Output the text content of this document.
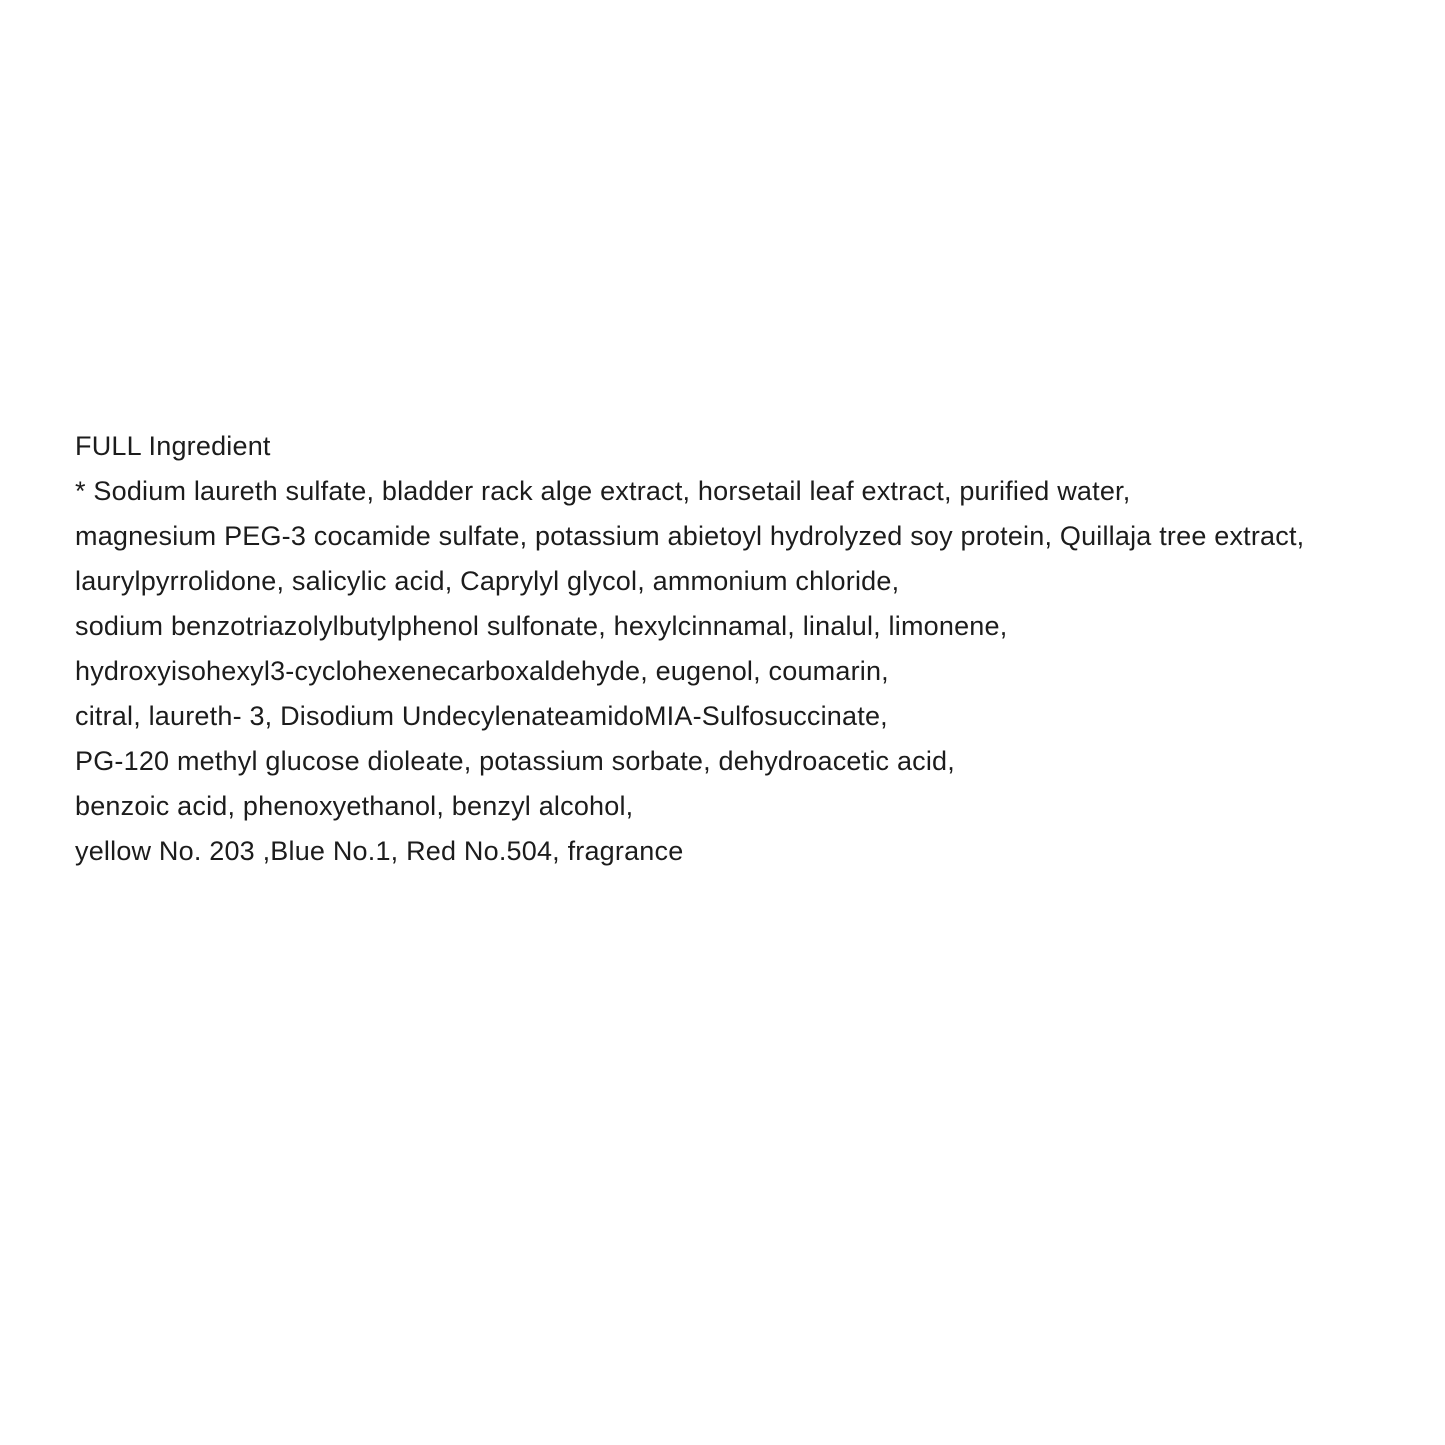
FULL Ingredient
* Sodium laureth sulfate, bladder rack alge extract, horsetail leaf extract, purified water,
magnesium PEG-3 cocamide sulfate, potassium abietoyl hydrolyzed soy protein, Quillaja tree extract,
laurylpyrrolidone, salicylic acid, Caprylyl glycol, ammonium chloride,
sodium benzotriazolylbutylphenol sulfonate, hexylcinnamal, linalul, limonene,
hydroxyisohexyl3-cyclohexenecarboxaldehyde, eugenol, coumarin,
citral, laureth- 3, Disodium UndecylenateamidoMIA-Sulfosuccinate,
PG-120 methyl glucose dioleate, potassium sorbate, dehydroacetic acid,
benzoic acid, phenoxyethanol, benzyl alcohol,
yellow No. 203 ,Blue No.1, Red No.504, fragrance
